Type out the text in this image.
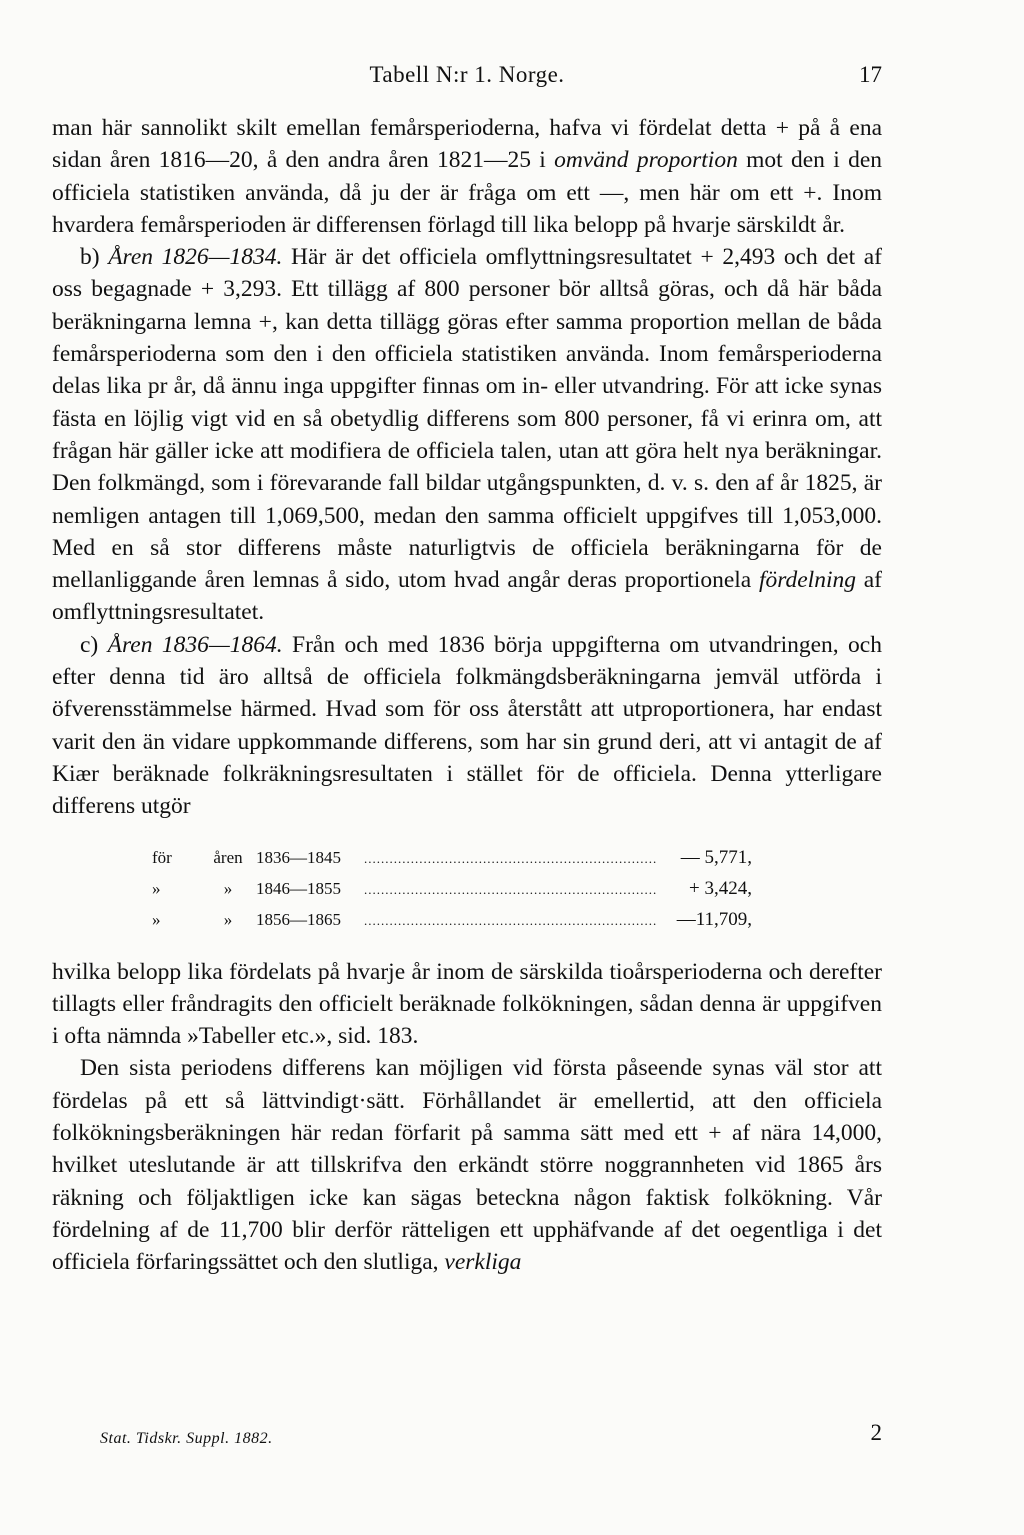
Tabell N:r 1. Norge.	17

man här sannolikt skilt emellan femårsperioderna, hafva vi fördelat detta + på å ena sidan åren 1816—20, å den andra åren 1821—25 i omvänd proportion mot den i den officiela statistiken använda, då ju der är fråga om ett —, men här om ett +. Inom hvardera femårsperioden är differensen förlagd till lika belopp på hvarje särskildt år.

b) Åren 1826—1834. Här är det officiela omflyttningsresultatet + 2,493 och det af oss begagnade + 3,293. Ett tillägg af 800 personer bör alltså göras, och då här båda beräkningarna lemna +, kan detta tillägg göras efter samma proportion mellan de båda femårsperioderna som den i den officiela statistiken använda. Inom femårsperioderna delas lika pr år, då ännu inga uppgifter finnas om in- eller utvandring. För att icke synas fästa en löjlig vigt vid en så obetydlig differens som 800 personer, få vi erinra om, att frågan här gäller icke att modifiera de officiela talen, utan att göra helt nya beräkningar. Den folkmängd, som i förevarande fall bildar utgångspunkten, d. v. s. den af år 1825, är nemligen antagen till 1,069,500, medan den samma officielt uppgifves till 1,053,000. Med en så stor differens måste naturligtvis de officiela beräkningarna för de mellanliggande åren lemnas å sido, utom hvad angår deras proportionela fördelning af omflyttningsresultatet.

c) Åren 1836—1864. Från och med 1836 börja uppgifterna om utvandringen, och efter denna tid äro alltså de officiela folkmängdsberäkningarna jemväl utförda i öfverensstämmelse härmed. Hvad som för oss återstått att utproportionera, har endast varit den än vidare uppkommande differens, som har sin grund deri, att vi antagit de af Kiær beräknade folkräkningsresultaten i stället för de officiela. Denna ytterligare differens utgör

för	åren 1836—1845 .....	— 5,771,
»	»	1846—1855 .....	+ 3,424,
»	»	1856—1865 .....	—11,709,

hvilka belopp lika fördelats på hvarje år inom de särskilda tioårsperioderna och derefter tillagts eller fråndragits den officielt beräknade folkökningen, sådan denna är uppgifven i ofta nämnda »Tabeller etc.», sid. 183.

Den sista periodens differens kan möjligen vid första påseende synas väl stor att fördelas på ett så lättvindigt·sätt. Förhållandet är emellertid, att den officiela folkökningsberäkningen här redan förfarit på samma sätt med ett + af nära 14,000, hvilket uteslutande är att tillskrifva den erkändt större noggrannheten vid 1865 års räkning och följaktligen icke kan sägas beteckna någon faktisk folkökning. Vår fördelning af de 11,700 blir derför rätteligen ett upphäfvande af det oegentliga i det officiela förfaringssättet och den slutliga, verkliga

Stat. Tidskr. Suppl. 1882.	2
